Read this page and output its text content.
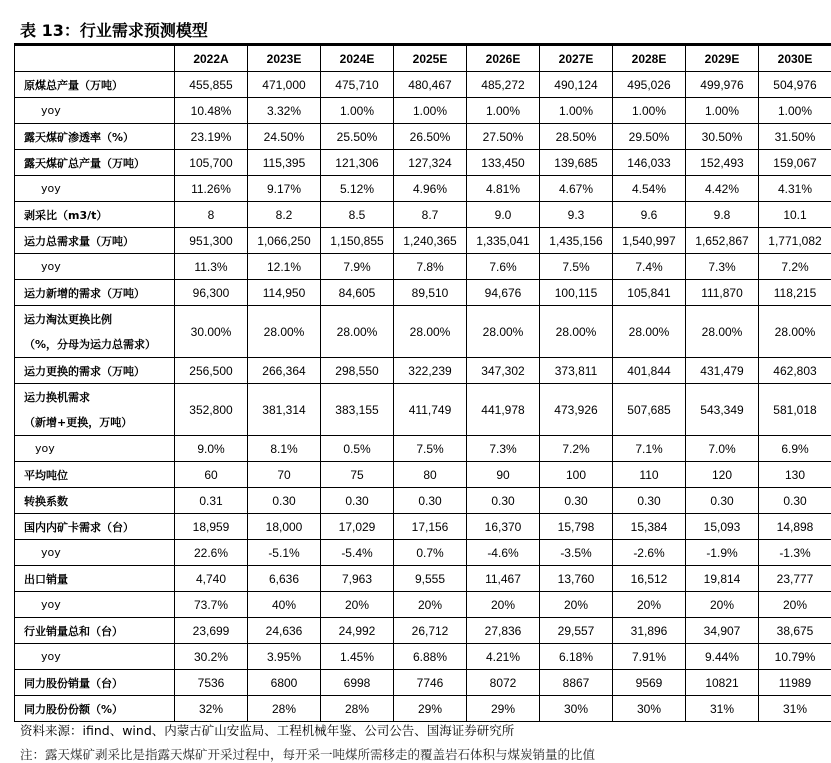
表 13：行业需求预测模型
	2022A	2023E	2024E	2025E	2026E	2027E	2028E	2029E	2030E
原煤总产量（万吨）	455,855	471,000	475,710	480,467	485,272	490,124	495,026	499,976	504,976
yoy	10.48%	3.32%	1.00%	1.00%	1.00%	1.00%	1.00%	1.00%	1.00%
露天煤矿渗透率（%）	23.19%	24.50%	25.50%	26.50%	27.50%	28.50%	29.50%	30.50%	31.50%
露天煤矿总产量（万吨）	105,700	115,395	121,306	127,324	133,450	139,685	146,033	152,493	159,067
yoy	11.26%	9.17%	5.12%	4.96%	4.81%	4.67%	4.54%	4.42%	4.31%
剥采比（m3/t）	8	8.2	8.5	8.7	9.0	9.3	9.6	9.8	10.1
运力总需求量（万吨）	951,300	1,066,250	1,150,855	1,240,365	1,335,041	1,435,156	1,540,997	1,652,867	1,771,082
yoy	11.3%	12.1%	7.9%	7.8%	7.6%	7.5%	7.4%	7.3%	7.2%
运力新增的需求（万吨）	96,300	114,950	84,605	89,510	94,676	100,115	105,841	111,870	118,215

运力淘汰更换比例
（%，分母为运力总需求）	30.00%	28.00%	28.00%	28.00%	28.00%	28.00%	28.00%	28.00%	28.00%
运力更换的需求（万吨）	256,500	266,364	298,550	322,239	347,302	373,811	401,844	431,479	462,803

运力换机需求
（新增+更换，万吨）	352,800	381,314	383,155	411,749	441,978	473,926	507,685	543,349	581,018
yoy	9.0%	8.1%	0.5%	7.5%	7.3%	7.2%	7.1%	7.0%	6.9%
平均吨位	60	70	75	80	90	100	110	120	130
转换系数	0.31	0.30	0.30	0.30	0.30	0.30	0.30	0.30	0.30
国内内矿卡需求（台）	18,959	18,000	17,029	17,156	16,370	15,798	15,384	15,093	14,898
yoy	22.6%	-5.1%	-5.4%	0.7%	-4.6%	-3.5%	-2.6%	-1.9%	-1.3%
出口销量	4,740	6,636	7,963	9,555	11,467	13,760	16,512	19,814	23,777
yoy	73.7%	40%	20%	20%	20%	20%	20%	20%	20%
行业销量总和（台）	23,699	24,636	24,992	26,712	27,836	29,557	31,896	34,907	38,675
yoy	30.2%	3.95%	1.45%	6.88%	4.21%	6.18%	7.91%	9.44%	10.79%
同力股份销量（台）	7536	6800	6998	7746	8072	8867	9569	10821	11989
同力股份份额（%）	32%	28%	28%	29%	29%	30%	30%	31%	31%
资料来源：ifind、wind、内蒙古矿山安监局、工程机械年鉴、公司公告、国海证券研究所
注：露天煤矿剥采比是指露天煤矿开采过程中，每开采一吨煤所需移走的覆盖岩石体积与煤炭销量的比值
